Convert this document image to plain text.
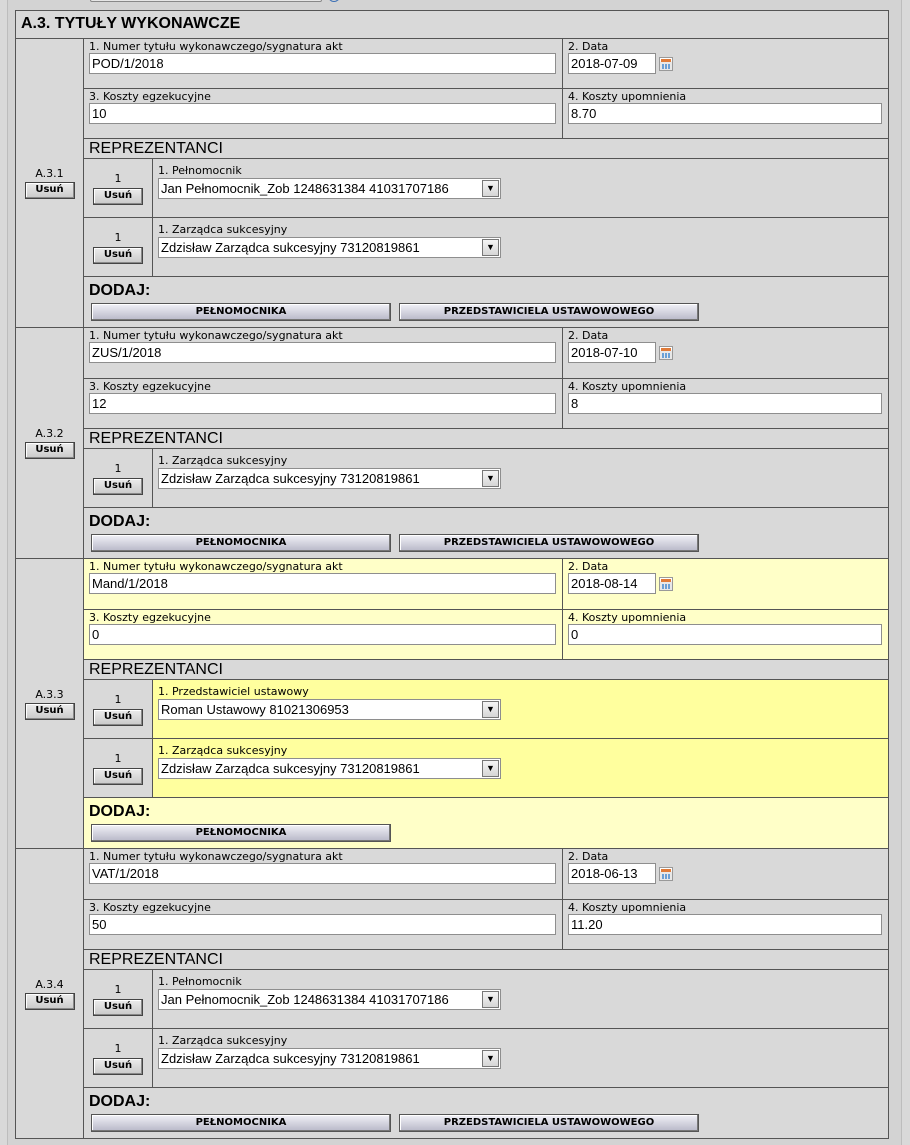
A.3. TYTUŁY WYKONAWCZE
A.3.1
Usuń
1. Numer tytułu wykonawczego/sygnatura akt
POD/1/2018
2. Data
2018-07-09
3. Koszty egzekucyjne
10
4. Koszty upomnienia
8.70
REPREZENTANCI
1
Usuń
1. Pełnomocnik
Jan Pełnomocnik_Zob 1248631384 41031707186	▼
1
Usuń
1. Zarządca sukcesyjny
Zdzisław Zarządca sukcesyjny 73120819861	▼
DODAJ:
PEŁNOMOCNIKA	PRZEDSTAWICIELA USTAWOWOWEGO
A.3.2
Usuń
1. Numer tytułu wykonawczego/sygnatura akt
ZUS/1/2018
2. Data
2018-07-10
3. Koszty egzekucyjne
12
4. Koszty upomnienia
8
REPREZENTANCI
1
Usuń
1. Zarządca sukcesyjny
Zdzisław Zarządca sukcesyjny 73120819861	▼
DODAJ:
PEŁNOMOCNIKA	PRZEDSTAWICIELA USTAWOWOWEGO
A.3.3
Usuń
1. Numer tytułu wykonawczego/sygnatura akt
Mand/1/2018
2. Data
2018-08-14
3. Koszty egzekucyjne
0
4. Koszty upomnienia
0
REPREZENTANCI
1
Usuń
1. Przedstawiciel ustawowy
Roman Ustawowy 81021306953	▼
1
Usuń
1. Zarządca sukcesyjny
Zdzisław Zarządca sukcesyjny 73120819861	▼
DODAJ:
PEŁNOMOCNIKA
A.3.4
Usuń
1. Numer tytułu wykonawczego/sygnatura akt
VAT/1/2018
2. Data
2018-06-13
3. Koszty egzekucyjne
50
4. Koszty upomnienia
11.20
REPREZENTANCI
1
Usuń
1. Pełnomocnik
Jan Pełnomocnik_Zob 1248631384 41031707186	▼
1
Usuń
1. Zarządca sukcesyjny
Zdzisław Zarządca sukcesyjny 73120819861	▼
DODAJ:
PEŁNOMOCNIKA	PRZEDSTAWICIELA USTAWOWOWEGO
